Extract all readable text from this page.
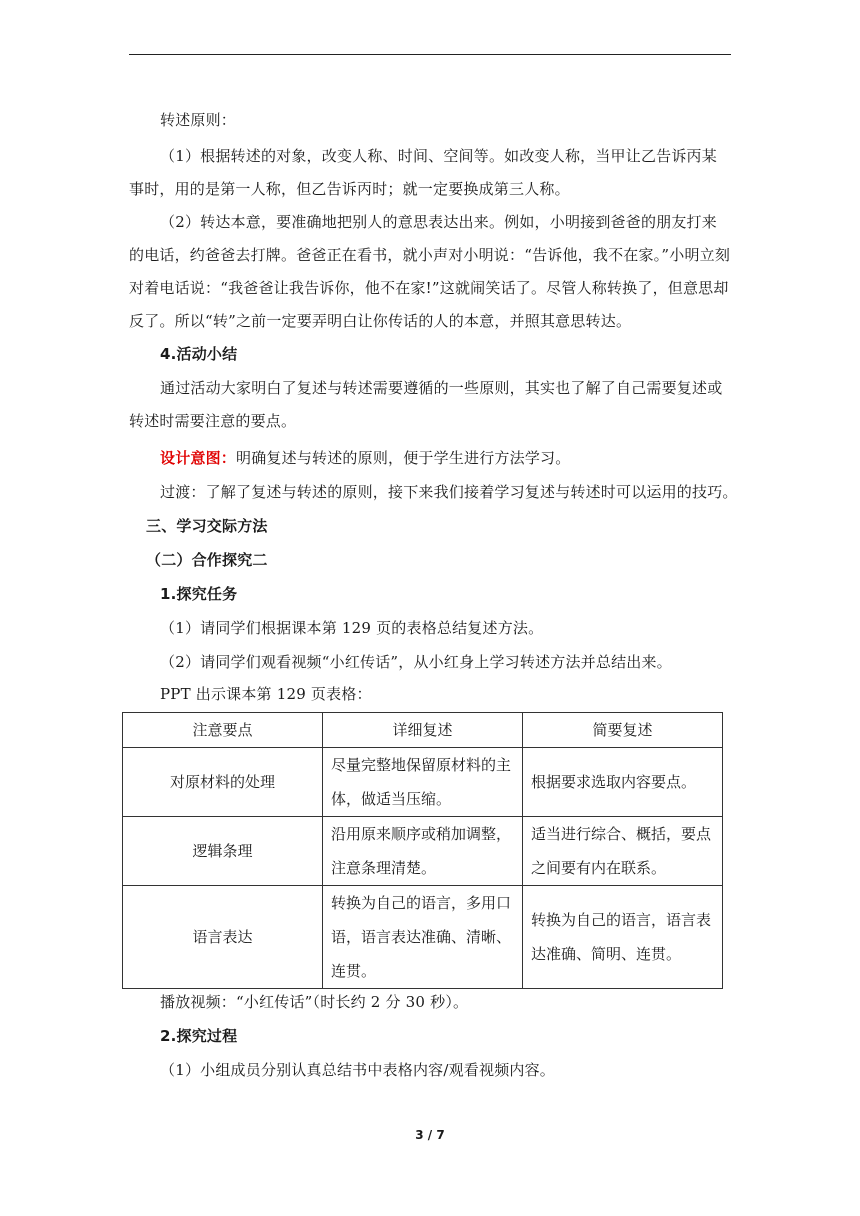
转述原则：
（1）根据转述的对象，改变人称、时间、空间等。如改变人称，当甲让乙告诉丙某事时，用的是第一人称，但乙告诉丙时；就一定要换成第三人称。
（2）转达本意，要准确地把别人的意思表达出来。例如，小明接到爸爸的朋友打来的电话，约爸爸去打牌。爸爸正在看书，就小声对小明说：“告诉他，我不在家。”小明立刻对着电话说：“我爸爸让我告诉你，他不在家!”这就闹笑话了。尽管人称转换了，但意思却反了。所以“转”之前一定要弄明白让你传话的人的本意，并照其意思转达。
4.活动小结
通过活动大家明白了复述与转述需要遵循的一些原则，其实也了解了自己需要复述或转述时需要注意的要点。
设计意图：明确复述与转述的原则，便于学生进行方法学习。
过渡：了解了复述与转述的原则，接下来我们接着学习复述与转述时可以运用的技巧。
三、学习交际方法
（二）合作探究二
1.探究任务
（1）请同学们根据课本第 129 页的表格总结复述方法。
（2）请同学们观看视频“小红传话”，从小红身上学习转述方法并总结出来。
PPT 出示课本第 129 页表格：
注意要点	详细复述	简要复述
对原材料的处理	尽量完整地保留原材料的主体，做适当压缩。	根据要求选取内容要点。
逻辑条理	沿用原来顺序或稍加调整，注意条理清楚。	适当进行综合、概括，要点之间要有内在联系。
语言表达	转换为自己的语言，多用口语，语言表达准确、清晰、连贯。	转换为自己的语言，语言表达准确、简明、连贯。
播放视频：“小红传话”（时长约 2 分 30 秒）。
2.探究过程
（1）小组成员分别认真总结书中表格内容/观看视频内容。
3 / 7
